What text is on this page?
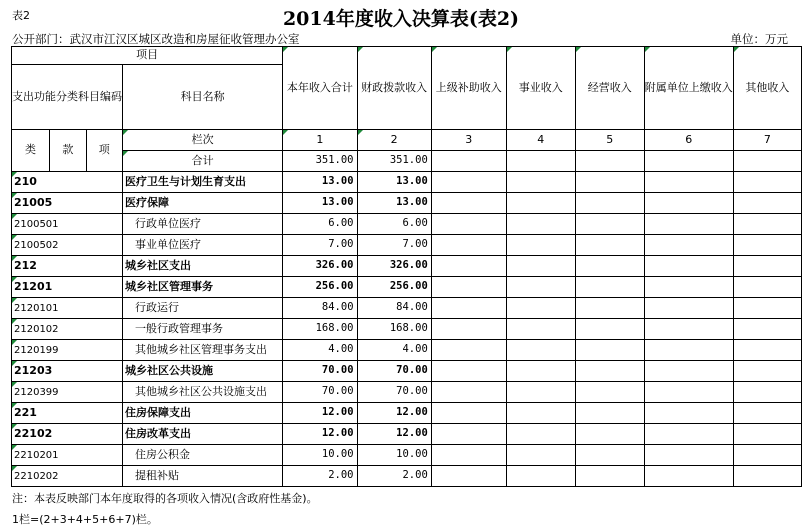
表2	2014年度收入决算表(表2)
公开部门：武汉市江汉区城区改造和房屋征收管理办公室	单位：万元
项目				本年收入合计	财政拨款收入	上级补助收入	事业收入	经营收入	附属单位上缴收入	其他收入
支出功能分类科目编码			科目名称							

类	款	项	栏次	1	2	3	4	5	6	7
			合计	351.00	351.00					
210			医疗卫生与计划生育支出	13.00	13.00					
21005			医疗保障	13.00	13.00					
2100501			行政单位医疗	6.00	6.00					
2100502			事业单位医疗	7.00	7.00					
212			城乡社区支出	326.00	326.00					
21201			城乡社区管理事务	256.00	256.00					
2120101			行政运行	84.00	84.00					
2120102			一般行政管理事务	168.00	168.00					
2120199			其他城乡社区管理事务支出	4.00	4.00					
21203			城乡社区公共设施	70.00	70.00					
2120399			其他城乡社区公共设施支出	70.00	70.00					
221			住房保障支出	12.00	12.00					
22102			住房改革支出	12.00	12.00					
2210201			住房公积金	10.00	10.00					
2210202			提租补贴	2.00	2.00					
注：本表反映部门本年度取得的各项收入情况(含政府性基金)。
1栏=(2+3+4+5+6+7)栏。
